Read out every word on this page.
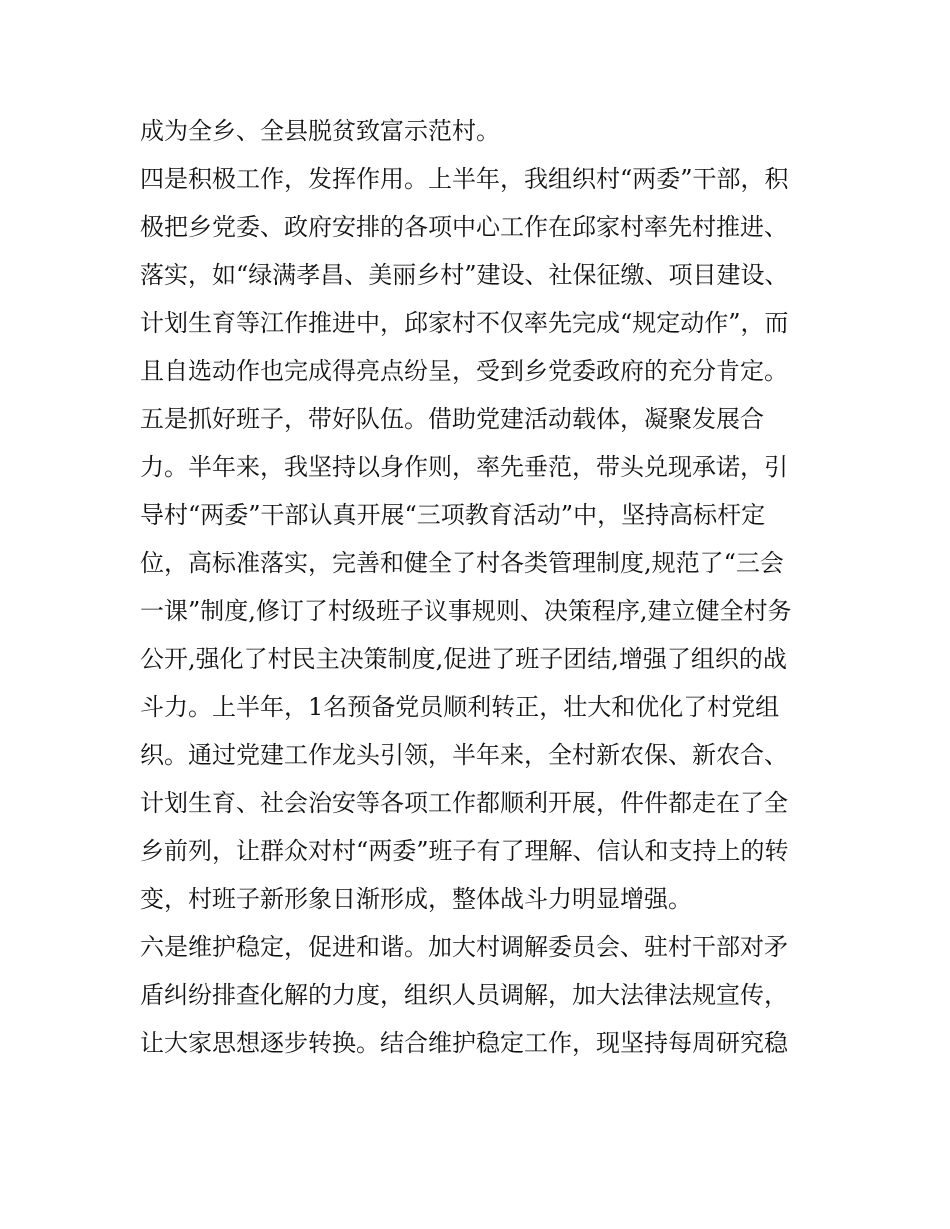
成为全乡、全县脱贫致富示范村。
四是积极工作，发挥作用。上半年，我组织村“两委”干部，积
极把乡党委、政府安排的各项中心工作在邱家村率先村推进、
落实，如“绿满孝昌、美丽乡村”建设、社保征缴、项目建设、
计划生育等江作推进中，邱家村不仅率先完成“规定动作”，而
且自选动作也完成得亮点纷呈，受到乡党委政府的充分肯定。
五是抓好班子，带好队伍。借助党建活动载体，凝聚发展合
力。半年来，我坚持以身作则，率先垂范，带头兑现承诺，引
导村“两委”干部认真开展“三项教育活动”中，坚持高标杆定
位，高标准落实，完善和健全了村各类管理制度,规范了“三会
一课”制度,修订了村级班子议事规则、决策程序,建立健全村务
公开,强化了村民主决策制度,促进了班子团结,增强了组织的战
斗力。上半年，1名预备党员顺利转正，壮大和优化了村党组
织。通过党建工作龙头引领，半年来，全村新农保、新农合、
计划生育、社会治安等各项工作都顺利开展，件件都走在了全
乡前列，让群众对村“两委”班子有了理解、信认和支持上的转
变，村班子新形象日渐形成，整体战斗力明显增强。
六是维护稳定，促进和谐。加大村调解委员会、驻村干部对矛
盾纠纷排查化解的力度，组织人员调解，加大法律法规宣传，
让大家思想逐步转换。结合维护稳定工作，现坚持每周研究稳
